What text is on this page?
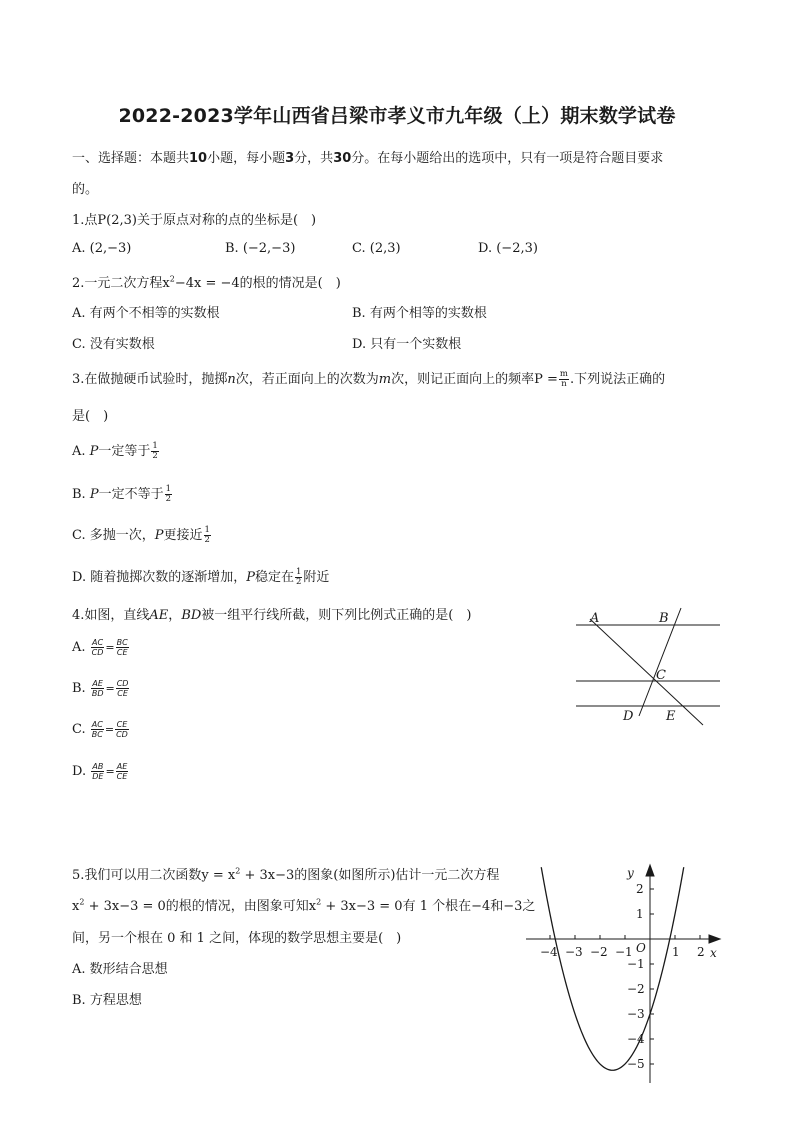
2022-2023学年山西省吕梁市孝义市九年级（上）期末数学试卷
一、选择题：本题共10小题，每小题3分，共30分。在每小题给出的选项中，只有一项是符合题目要求
的。
1.点P(2,3)关于原点对称的点的坐标是(　)
A. (2,−3)	B. (−2,−3)	C. (2,3)	D. (−2,3)
2.一元二次方程$x^2-4x = -4$的根的情况是(　)
A. 有两个不相等的实数根	B. 有两个相等的实数根
C. 没有实数根	D. 只有一个实数根
3.在做抛硬币试验时，抛掷n次，若正面向上的次数为m次，则记正面向上的频率$P = \frac{m}{n}$ .下列说法正确的
是(　)
A. P一定等于 $\frac{1}{2}$
B. P一定不等于 $\frac{1}{2}$
C. 多抛一次，P更接近 $\frac{1}{2}$
D. 随着抛掷次数的逐渐增加，P稳定在 $\frac{1}{2}$ 附近
4.如图，直线AE，BD被一组平行线所截，则下列比例式正确的是(　)
A. $\frac{AC}{CD} = \frac{BC}{CE}$
B. $\frac{AE}{BD} = \frac{CD}{CE}$
C. $\frac{AC}{BC} = \frac{CE}{CD}$
D. $\frac{AB}{DE} = \frac{AE}{CE}$
A	B
C
D	E
5.我们可以用二次函数$y = x^2 + 3x-3$的图象(如图所示)估计一元二次方程
$x^2 + 3x-3 = 0$的根的情况，由图象可知$x^2 + 3x-3 = 0$有 1 个根在−4和−3之
间，另一个根在 0 和 1 之间，体现的数学思想主要是(　)
A. 数形结合思想
B. 方程思想
x
y
O
−4 −3 −2 −1	1 2
2
1
−1
−2
−3
−4
−5
